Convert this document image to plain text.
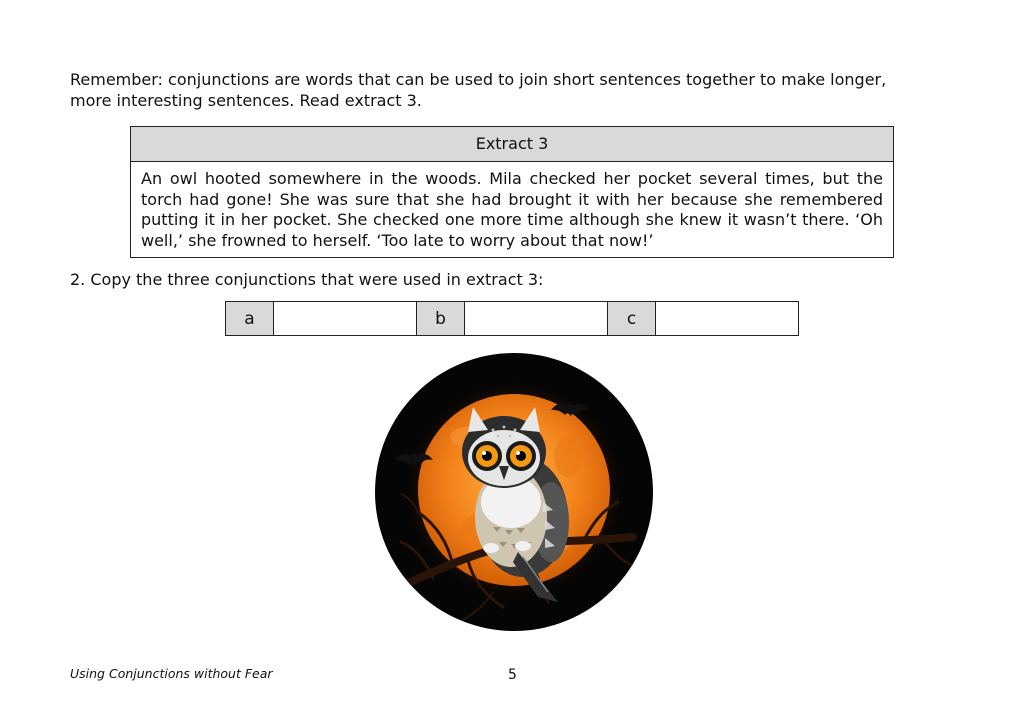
Remember: conjunctions are words that can be used to join short sentences together to make longer,
more interesting sentences. Read extract 3.

Extract 3
An owl hooted somewhere in the woods. Mila checked her pocket several times, but the torch had gone! She was sure that she had brought it with her because she remembered putting it in her pocket. She checked one more time although she knew it wasn’t there. ‘Oh well,’ she frowned to herself. ‘Too late to worry about that now!’

2. Copy the three conjunctions that were used in extract 3:

a		b		c	
Using Conjunctions without Fear	5
